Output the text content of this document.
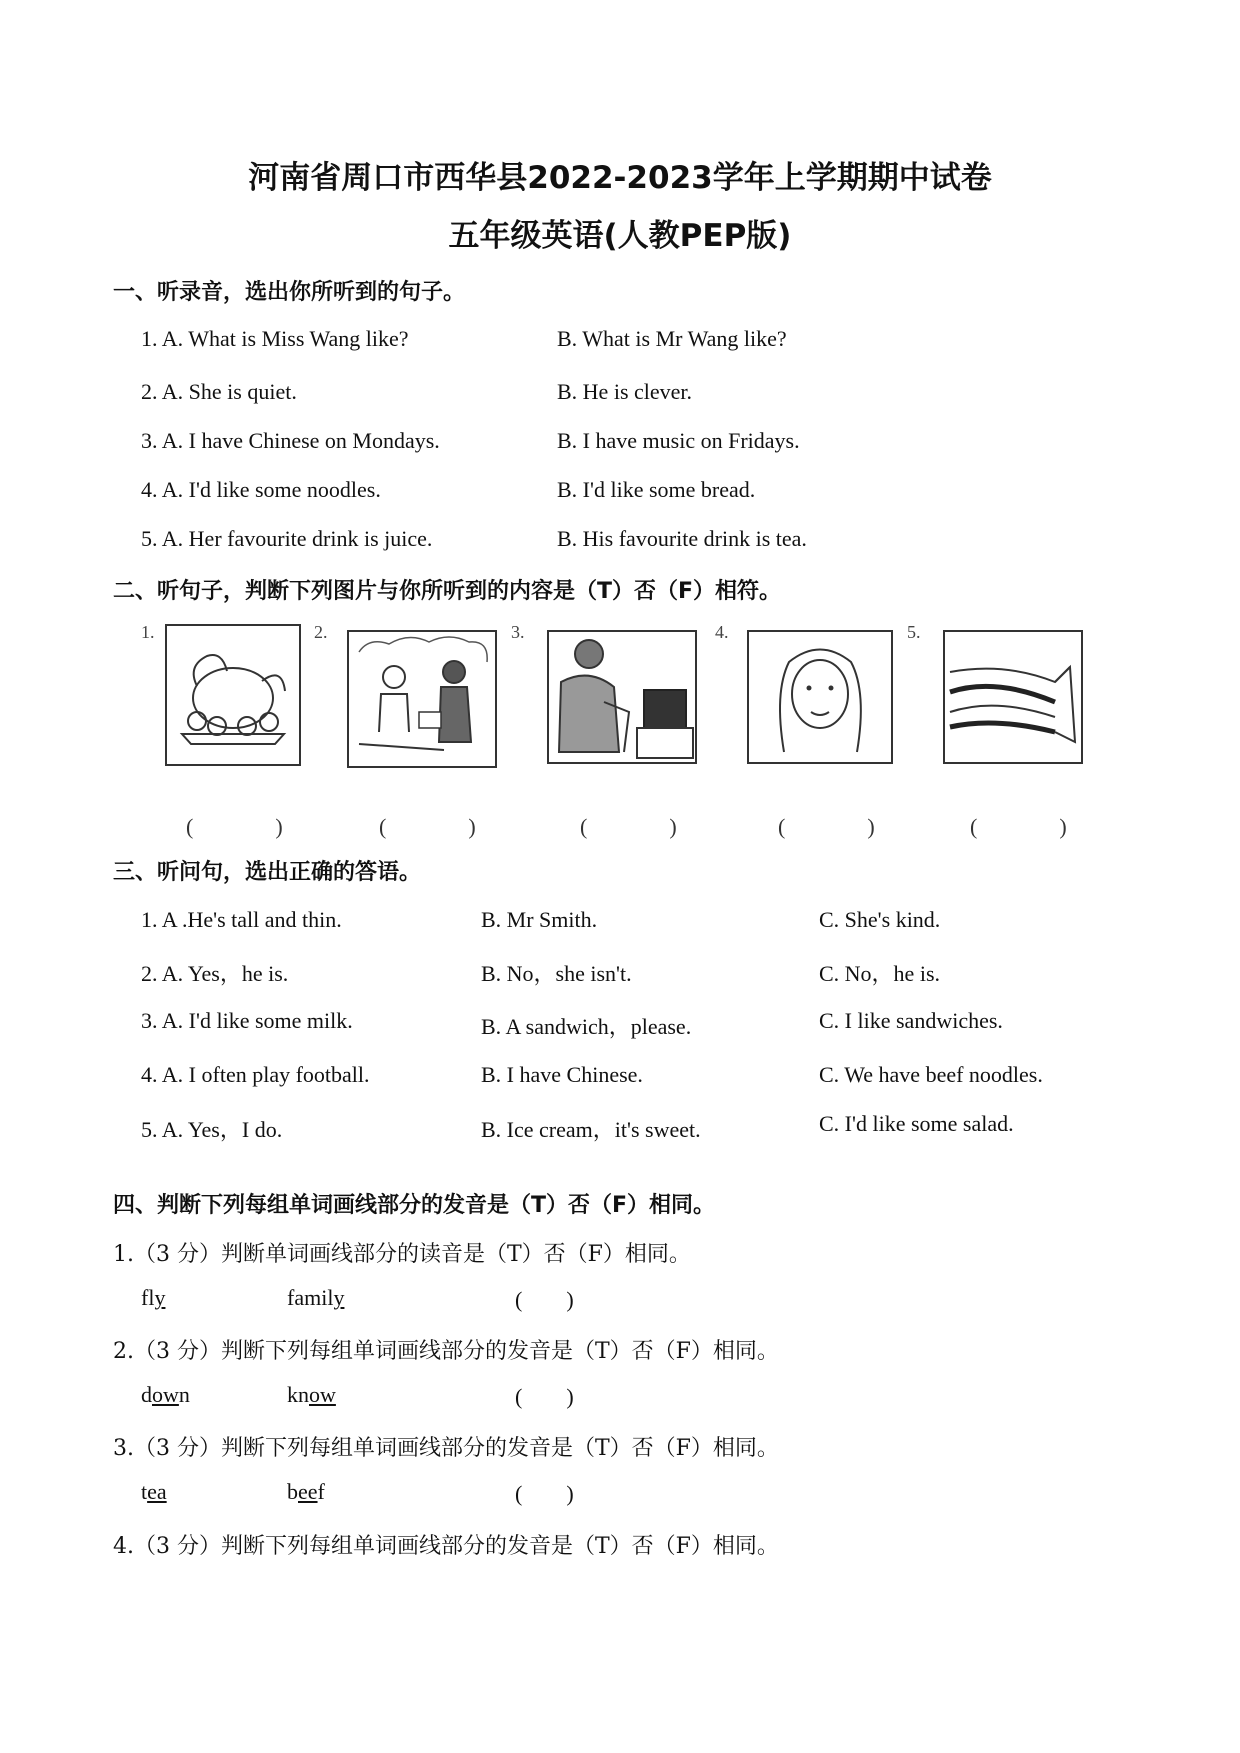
河南省周口市西华县2022-2023学年上学期期中试卷
五年级英语(人教PEP版)
一、听录音，选出你所听到的句子。
1. A. What is Miss Wang like?	B. What is Mr Wang like?
2. A. She is quiet.	B. He is clever.
3. A. I have Chinese on Mondays.	B. I have music on Fridays.
4. A. I'd like some noodles.	B. I'd like some bread.
5. A. Her favourite drink is juice.	B. His favourite drink is tea.
二、听句子，判断下列图片与你所听到的内容是（T）否（F）相符。
1.
(　)
2.
(　)
3.
(　)
4.
(　)
5.
(　)
三、听问句，选出正确的答语。
1. A .He's tall and thin.	B. Mr Smith.	C. She's kind.
2. A. Yes，he is.	B. No，she isn't.	C. No，he is.
3. A. I'd like some milk.	B. A sandwich，please.	C. I like sandwiches.
4. A. I often play football.	B. I have Chinese.	C. We have beef noodles.
5. A. Yes，I do.	B. Ice cream，it's sweet.	C. I'd like some salad.
四、判断下列每组单词画线部分的发音是（T）否（F）相同。
1.（3 分）判断单词画线部分的读音是（T）否（F）相同。
fly	family	(　　)
2.（3 分）判断下列每组单词画线部分的发音是（T）否（F）相同。
down	know	(　　)
3.（3 分）判断下列每组单词画线部分的发音是（T）否（F）相同。
tea	beef	(　　)
4.（3 分）判断下列每组单词画线部分的发音是（T）否（F）相同。
